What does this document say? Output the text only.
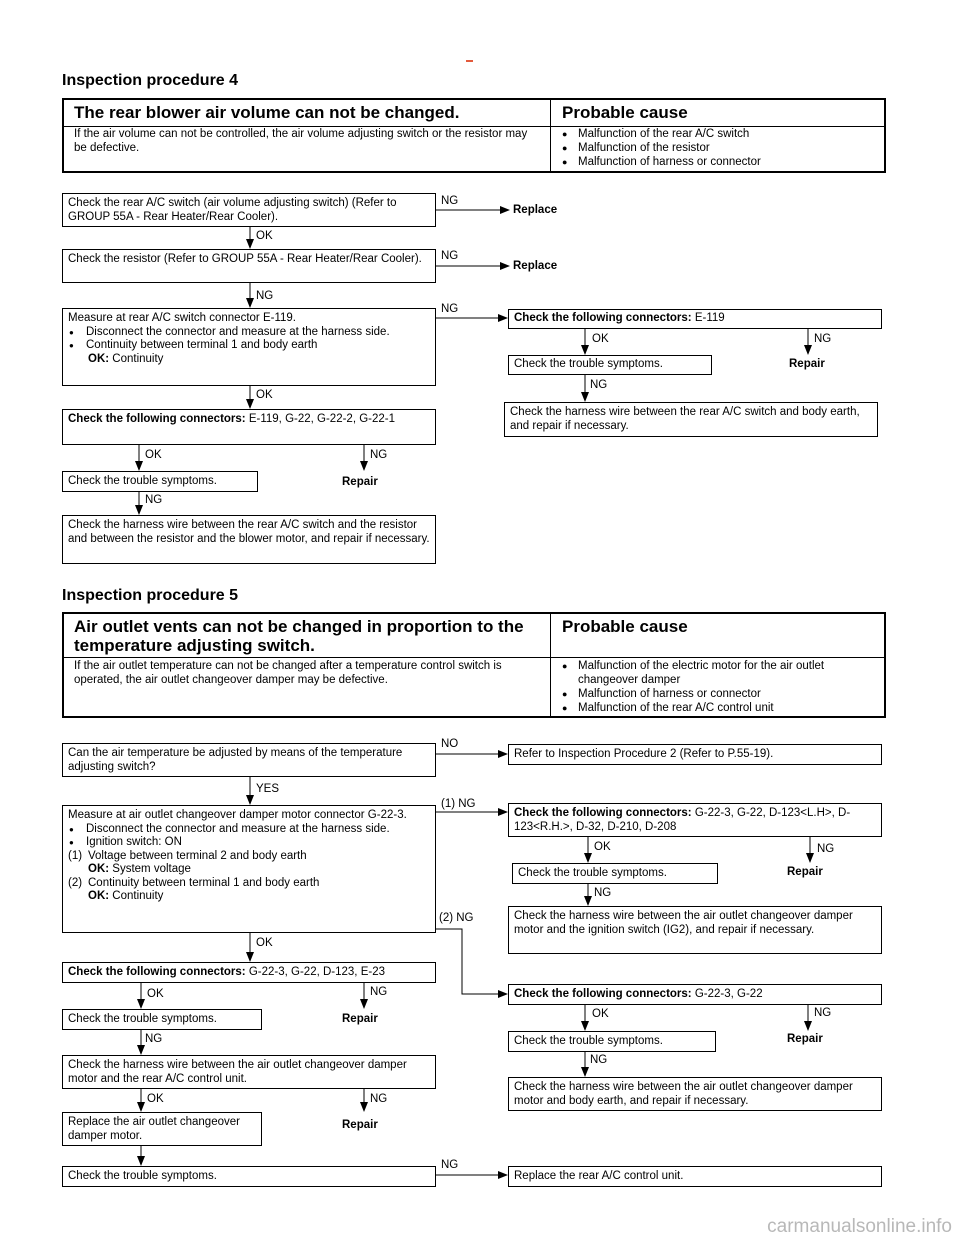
Inspection procedure 4
The rear blower air volume can not be changed.	Probable cause
If the air volume can not be controlled, the air volume adjusting switch or the resistor may be defective.
● Malfunction of the rear A/C switch
● Malfunction of the resistor
● Malfunction of harness or connector
Check the rear A/C switch (air volume adjusting switch) (Refer to GROUP 55A - Rear Heater/Rear Cooler).
NG
Replace
OK
Check the resistor (Refer to GROUP 55A - Rear Heater/Rear Cooler).	NG
Replace
NG
Measure at rear A/C switch connector E-119.
● Disconnect the connector and measure at the harness side.
● Continuity between terminal 1 and body earth
OK: Continuity
NG
OK
Check the following connectors: E-119
OK	NG
Check the trouble symptoms.	Repair
NG
Check the harness wire between the rear A/C switch and body earth, and repair if necessary.
Check the following connectors: E-119, G-22, G-22-2, G-22-1
OK	NG
Check the trouble symptoms.	Repair
NG
Check the harness wire between the rear A/C switch and the resistor and between the resistor and the blower motor, and repair if necessary.
Inspection procedure 5
Air outlet vents can not be changed in proportion to the temperature adjusting switch.
Probable cause
If the air outlet temperature can not be changed after a temperature control switch is operated, the air outlet changeover damper may be defective.
● Malfunction of the electric motor for the air outlet changeover damper
● Malfunction of harness or connector
● Malfunction of the rear A/C control unit
Can the air temperature be adjusted by means of the temperature adjusting switch?
NO
Refer to Inspection Procedure 2 (Refer to P.55-19).
YES
Measure at air outlet changeover damper motor connector G-22-3.
● Disconnect the connector and measure at the harness side.
● Ignition switch: ON
(1) Voltage between terminal 2 and body earth
OK: System voltage
(2) Continuity between terminal 1 and body earth
OK: Continuity
(1) NG
(2) NG
OK
Check the following connectors: G-22-3, G-22, D-123<L.H>, D-123<R.H.>, D-32, D-210, D-208
OK	NG
Check the trouble symptoms.	Repair
NG
Check the harness wire between the air outlet changeover damper motor and the ignition switch (IG2), and repair if necessary.
Check the following connectors: G-22-3, G-22
OK	NG
Check the trouble symptoms.	Repair
NG
Check the harness wire between the air outlet changeover damper motor and body earth, and repair if necessary.
Check the following connectors: G-22-3, G-22, D-123, E-23
OK	NG
Check the trouble symptoms.	Repair
NG
Check the harness wire between the air outlet changeover damper motor and the rear A/C control unit.
OK	NG
Replace the air outlet changeover damper motor.
Repair
Check the trouble symptoms.
NG
Replace the rear A/C control unit.
carmanualsonline.info
